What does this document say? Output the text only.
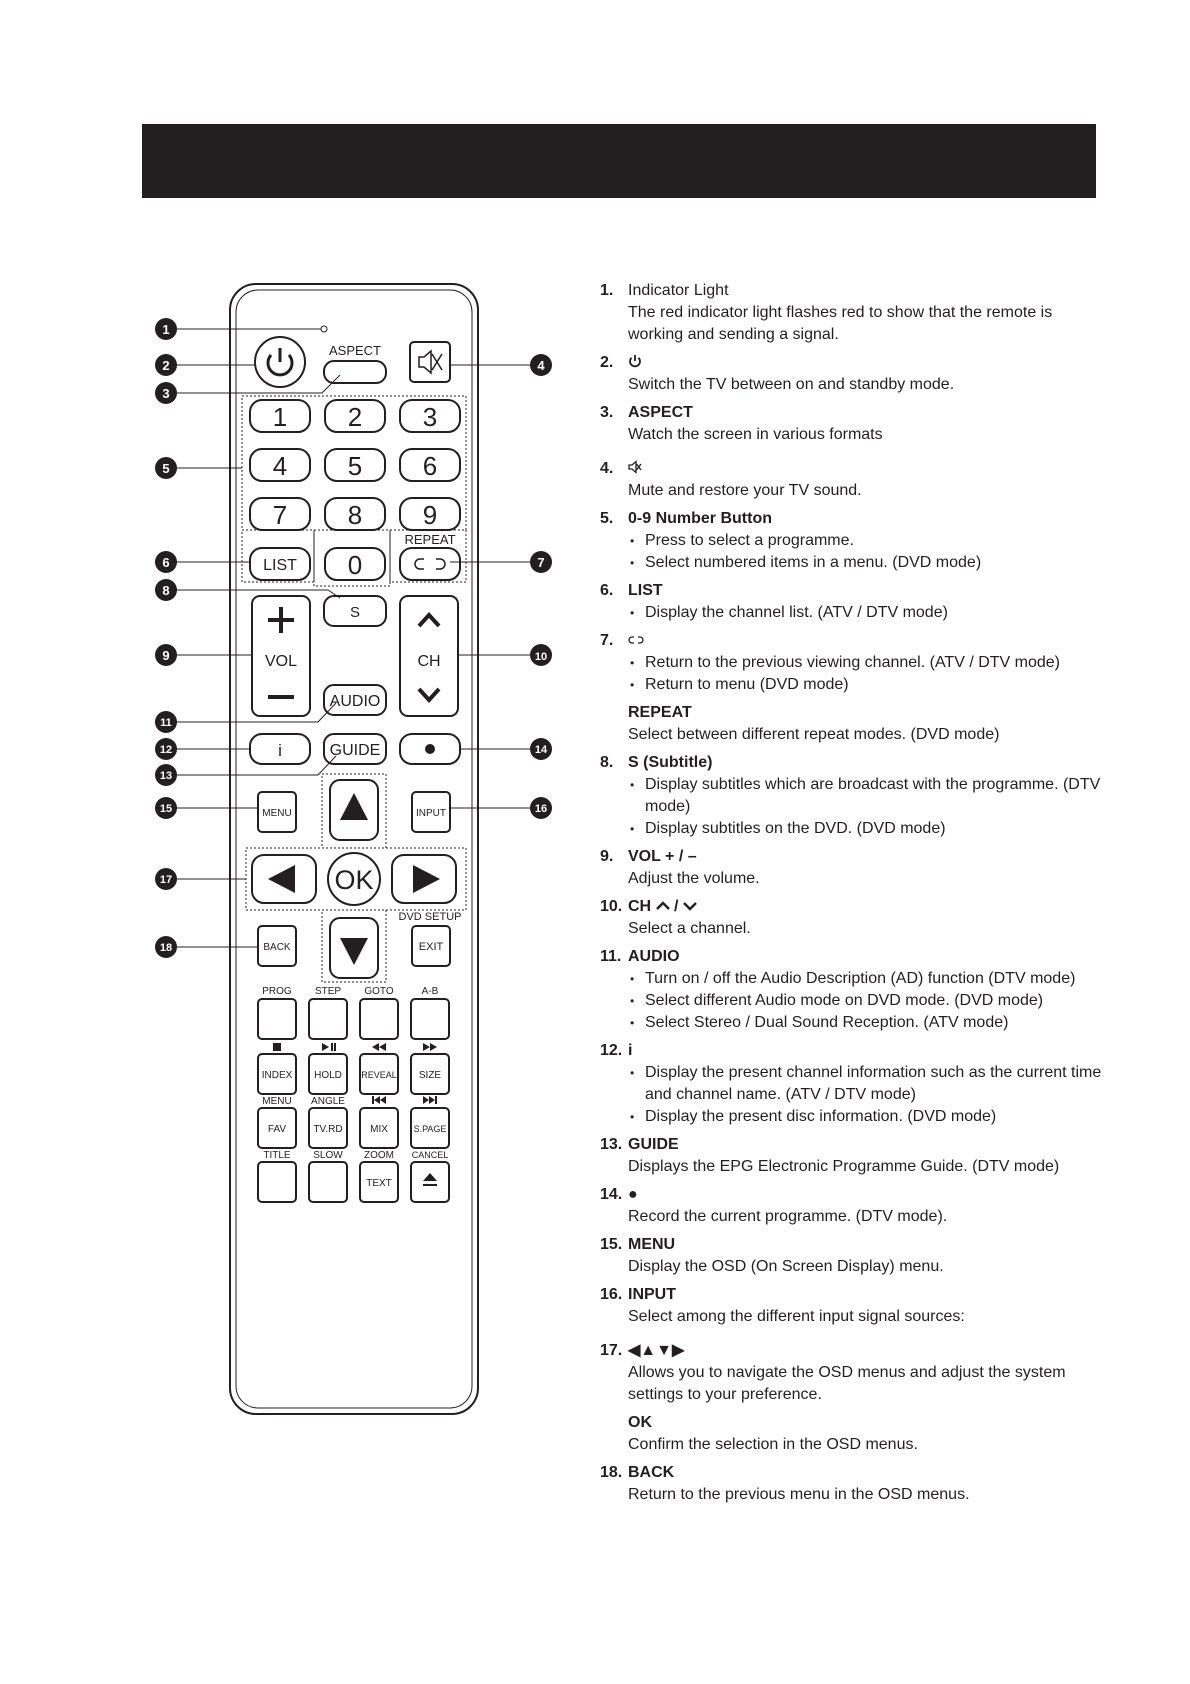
ASPECT
1 2 3
4 5 6
7 8 9
0
LIST
REPEAT
S
VOL	CH
AUDIO
i	GUIDE
MENU	INPUT
OK
BACK
DVD SETUP
EXIT
PROG STEP GOTO	A-B
INDEX HOLD REVEAL SIZE
MENU ANGLE
FAV	TV.RD	MIX	S.PAGE
TITLE SLOW ZOOM CANCEL
TEXT
1
2
3
4
5
6	7
8
9	10
11
12
13
14
15	16
17
18
1. Indicator Light
The red indicator light flashes red to show that the remote is working and sending a signal.
2.
Switch the TV between on and standby mode.
3. ASPECT
Watch the screen in various formats
4.
Mute and restore your TV sound.
5. 0-9 Number Button
• Press to select a programme.
• Select numbered items in a menu. (DVD mode)
6. LIST
• Display the channel list. (ATV / DTV mode)
7.
• Return to the previous viewing channel. (ATV / DTV mode)
• Return to menu (DVD mode)
REPEAT
Select between different repeat modes. (DVD mode)
8. S (Subtitle)
• Display subtitles which are broadcast with the programme. (DTV mode)
• Display subtitles on the DVD. (DVD mode)
9. VOL + / –
Adjust the volume.
10. CH  /
Select a channel.
11. AUDIO
• Turn on / off the Audio Description (AD) function (DTV mode)
• Select different Audio mode on DVD mode. (DVD mode)
• Select Stereo / Dual Sound Reception. (ATV mode)
12. i
• Display the present channel information such as the current time and channel name. (ATV / DTV mode)
• Display the present disc information. (DVD mode)
13. GUIDE
Displays the EPG Electronic Programme Guide. (DTV mode)
14. ●
Record the current programme. (DTV mode).
15. MENU
Display the OSD (On Screen Display) menu.
16. INPUT
Select among the different input signal sources:
17. ◀▲▼▶
Allows you to navigate the OSD menus and adjust the system settings to your preference.
OK
Confirm the selection in the OSD menus.
18. BACK
Return to the previous menu in the OSD menus.
